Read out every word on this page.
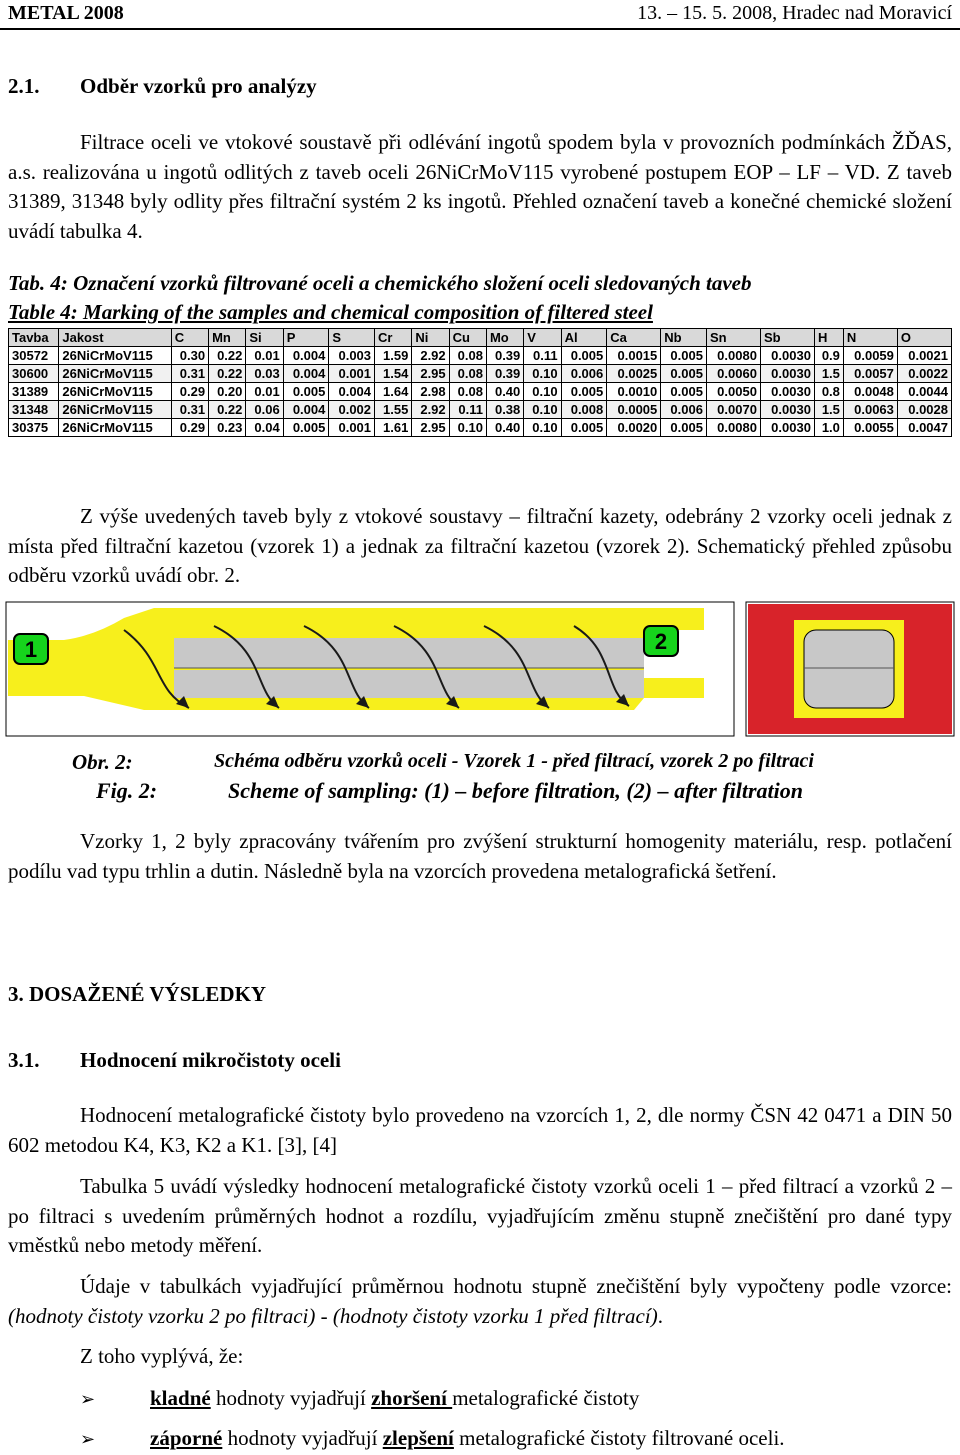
METAL 2008	13. – 15. 5. 2008, Hradec nad Moravicí
2.1. Odběr vzorků pro analýzy

Filtrace oceli ve vtokové soustavě při odlévání ingotů spodem byla v provozních podmínkách ŽĎAS, a.s. realizována u ingotů odlitých z taveb oceli 26NiCrMoV115 vyrobené postupem EOP – LF – VD. Z taveb 31389, 31348 byly odlity přes filtrační systém 2 ks ingotů. Přehled označení taveb a konečné chemické složení uvádí tabulka 4.

Tab. 4: Označení vzorků filtrované oceli a chemického složení oceli sledovaných taveb
Table 4: Marking of the samples and chemical composition of filtered steel
Tavba	Jakost	C	Mn	Si	P	S	Cr	Ni	Cu	Mo	V	Al	Ca	Nb	Sn	Sb	H	N	O
30572	26NiCrMoV115	0.30	0.22	0.01	0.004	0.003	1.59	2.92	0.08	0.39	0.11	0.005	0.0015	0.005	0.0080	0.0030	0.9	0.0059	0.0021
30600	26NiCrMoV115	0.31	0.22	0.03	0.004	0.001	1.54	2.95	0.08	0.39	0.10	0.006	0.0025	0.005	0.0060	0.0030	1.5	0.0057	0.0022
31389	26NiCrMoV115	0.29	0.20	0.01	0.005	0.004	1.64	2.98	0.08	0.40	0.10	0.005	0.0010	0.005	0.0050	0.0030	0.8	0.0048	0.0044
31348	26NiCrMoV115	0.31	0.22	0.06	0.004	0.002	1.55	2.92	0.11	0.38	0.10	0.008	0.0005	0.006	0.0070	0.0030	1.5	0.0063	0.0028
30375	26NiCrMoV115	0.29	0.23	0.04	0.005	0.001	1.61	2.95	0.10	0.40	0.10	0.005	0.0020	0.005	0.0080	0.0030	1.0	0.0055	0.0047

Z výše uvedených taveb byly z vtokové soustavy – filtrační kazety, odebrány 2 vzorky oceli jednak z místa před filtrační kazetou (vzorek 1) a jednak za filtrační kazetou (vzorek 2). Schematický přehled způsobu odběru vzorků uvádí obr. 2.

1	2
Obr. 2:	Schéma odběru vzorků oceli - Vzorek 1 - před filtrací, vzorek 2 po filtraci
Fig. 2:	Scheme of sampling: (1) – before filtration, (2) – after filtration

Vzorky 1, 2 byly zpracovány tvářením pro zvýšení strukturní homogenity materiálu, resp. potlačení podílu vad typu trhlin a dutin. Následně byla na vzorcích provedena metalografická šetření.

3. DOSAŽENÉ VÝSLEDKY
3.1. Hodnocení mikročistoty oceli

Hodnocení metalografické čistoty bylo provedeno na vzorcích 1, 2, dle normy ČSN 42 0471 a DIN 50 602 metodou K4, K3, K2 a K1. [3], [4]

Tabulka 5 uvádí výsledky hodnocení metalografické čistoty vzorků oceli 1 – před filtrací a vzorků 2 – po filtraci s uvedením průměrných hodnot a rozdílu, vyjadřujícím změnu stupně znečištění pro dané typy vměstků nebo metody měření.

Údaje v tabulkách vyjadřující průměrnou hodnotu stupně znečištění byly vypočteny podle vzorce: (hodnoty čistoty vzorku 2 po filtraci) - (hodnoty čistoty vzorku 1 před filtrací).

Z toho vyplývá, že:

➢	kladné hodnoty vyjadřují zhoršení metalografické čistoty
➢	záporné hodnoty vyjadřují zlepšení metalografické čistoty filtrované oceli.
